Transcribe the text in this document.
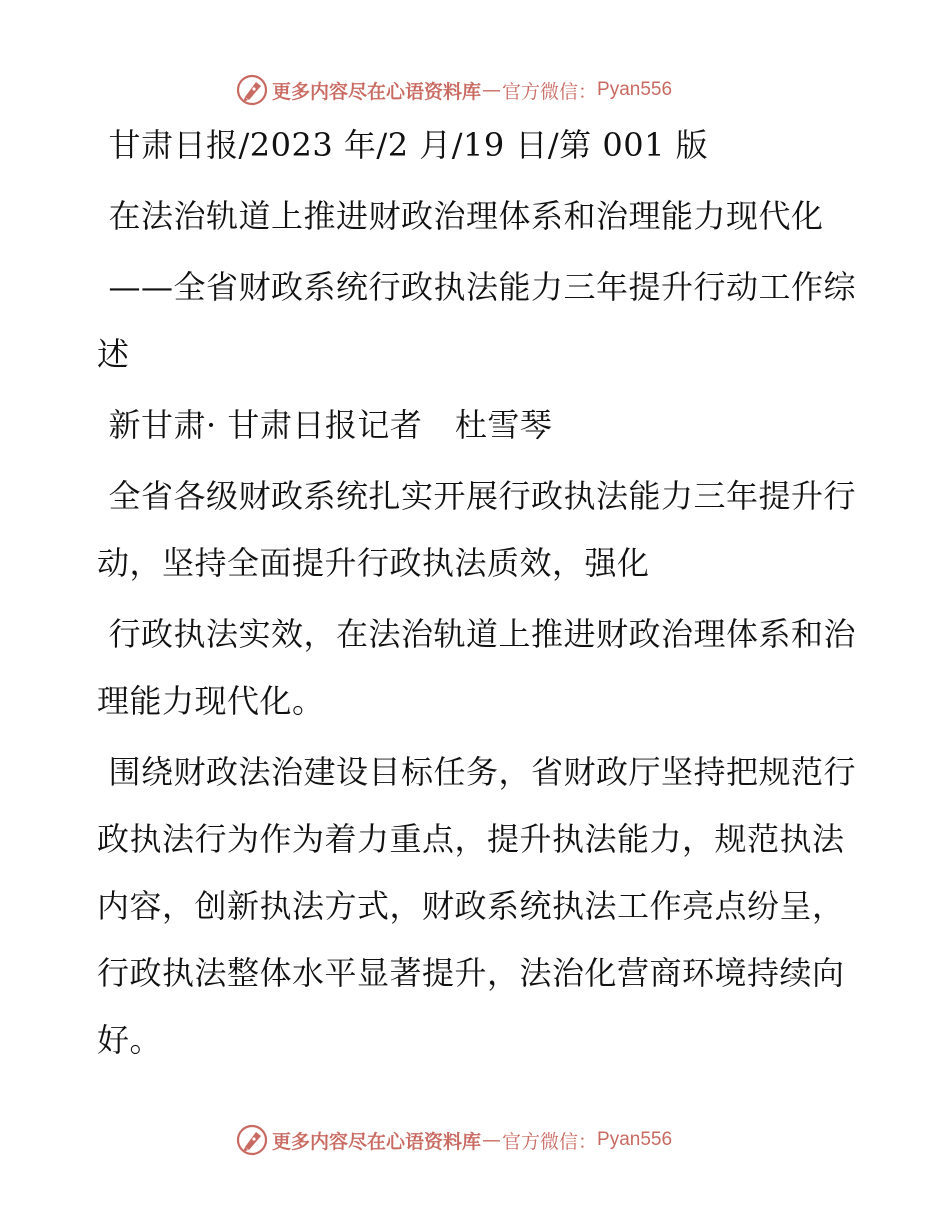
更多内容尽在心语资料库 — 官方微信： Pyan556

甘肃日报/2023 年/2 月/19 日/第 001 版

在法治轨道上推进财政治理体系和治理能力现代化

——全省财政系统行政执法能力三年提升行动工作综述

新甘肃· 甘肃日报记者　杜雪琴

全省各级财政系统扎实开展行政执法能力三年提升行动，坚持全面提升行政执法质效，强化

行政执法实效，在法治轨道上推进财政治理体系和治理能力现代化。

围绕财政法治建设目标任务，省财政厅坚持把规范行政执法行为作为着力重点，提升执法能力，规范执法内容，创新执法方式，财政系统执法工作亮点纷呈，行政执法整体水平显著提升，法治化营商环境持续向好。

更多内容尽在心语资料库 — 官方微信： Pyan556
